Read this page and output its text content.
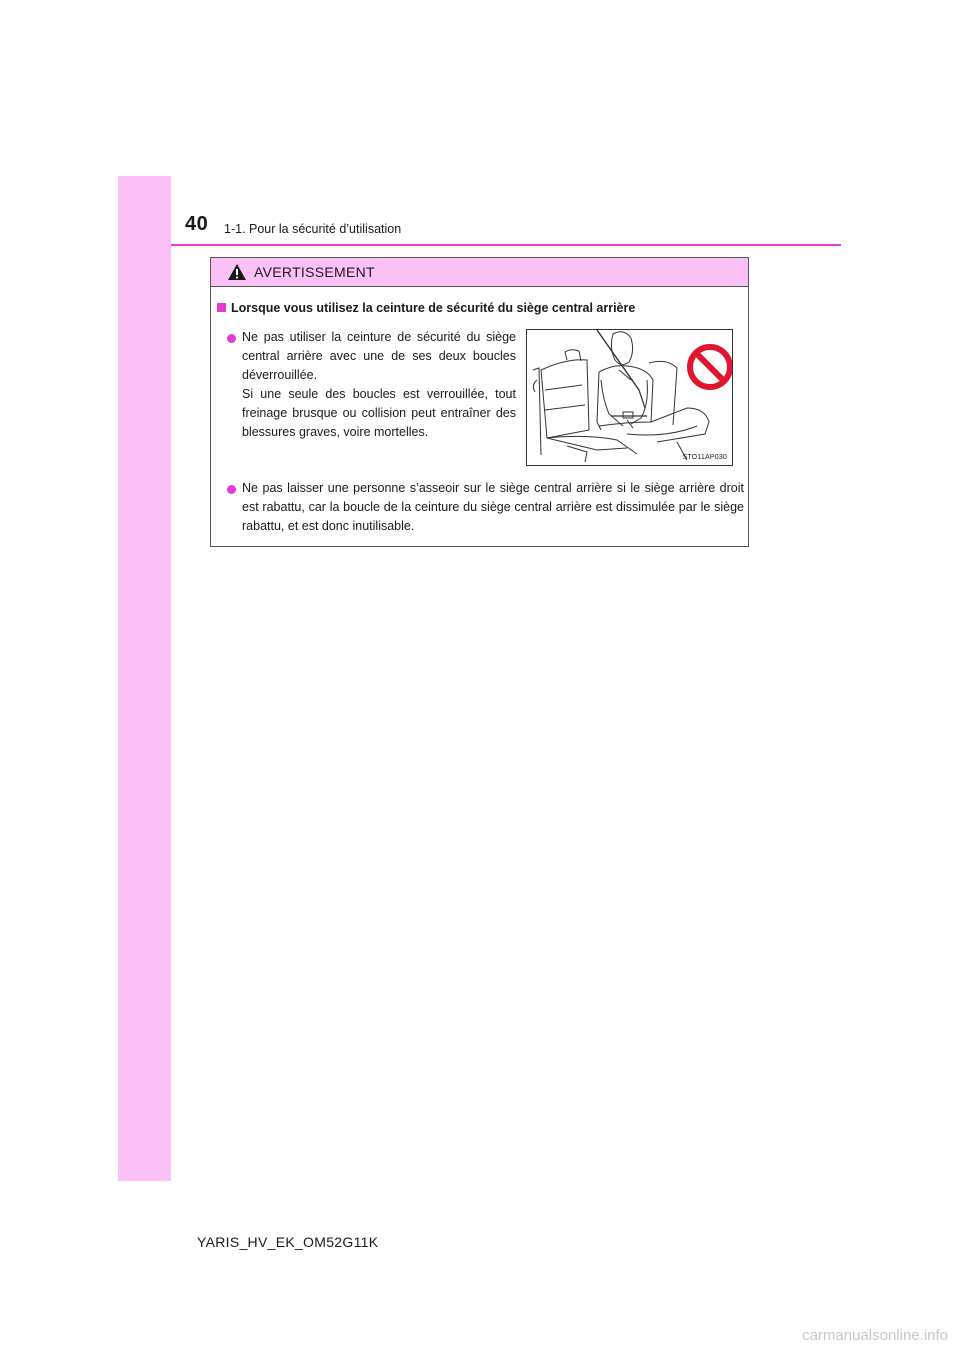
40 1-1. Pour la sécurité d’utilisation
AVERTISSEMENT
Lorsque vous utilisez la ceinture de sécurité du siège central arrière
Ne pas utiliser la ceinture de sécurité du siège central arrière avec une de ses deux boucles déverrouillée.
Si une seule des boucles est verrouillée, tout freinage brusque ou collision peut entraîner des blessures graves, voire mortelles.
STO11AP030
Ne pas laisser une personne s’asseoir sur le siège central arrière si le siège arrière droit est rabattu, car la boucle de la ceinture du siège central arrière est dissimulée par le siège rabattu, et est donc inutilisable.
YARIS_HV_EK_OM52G11K
carmanualsonline.info
